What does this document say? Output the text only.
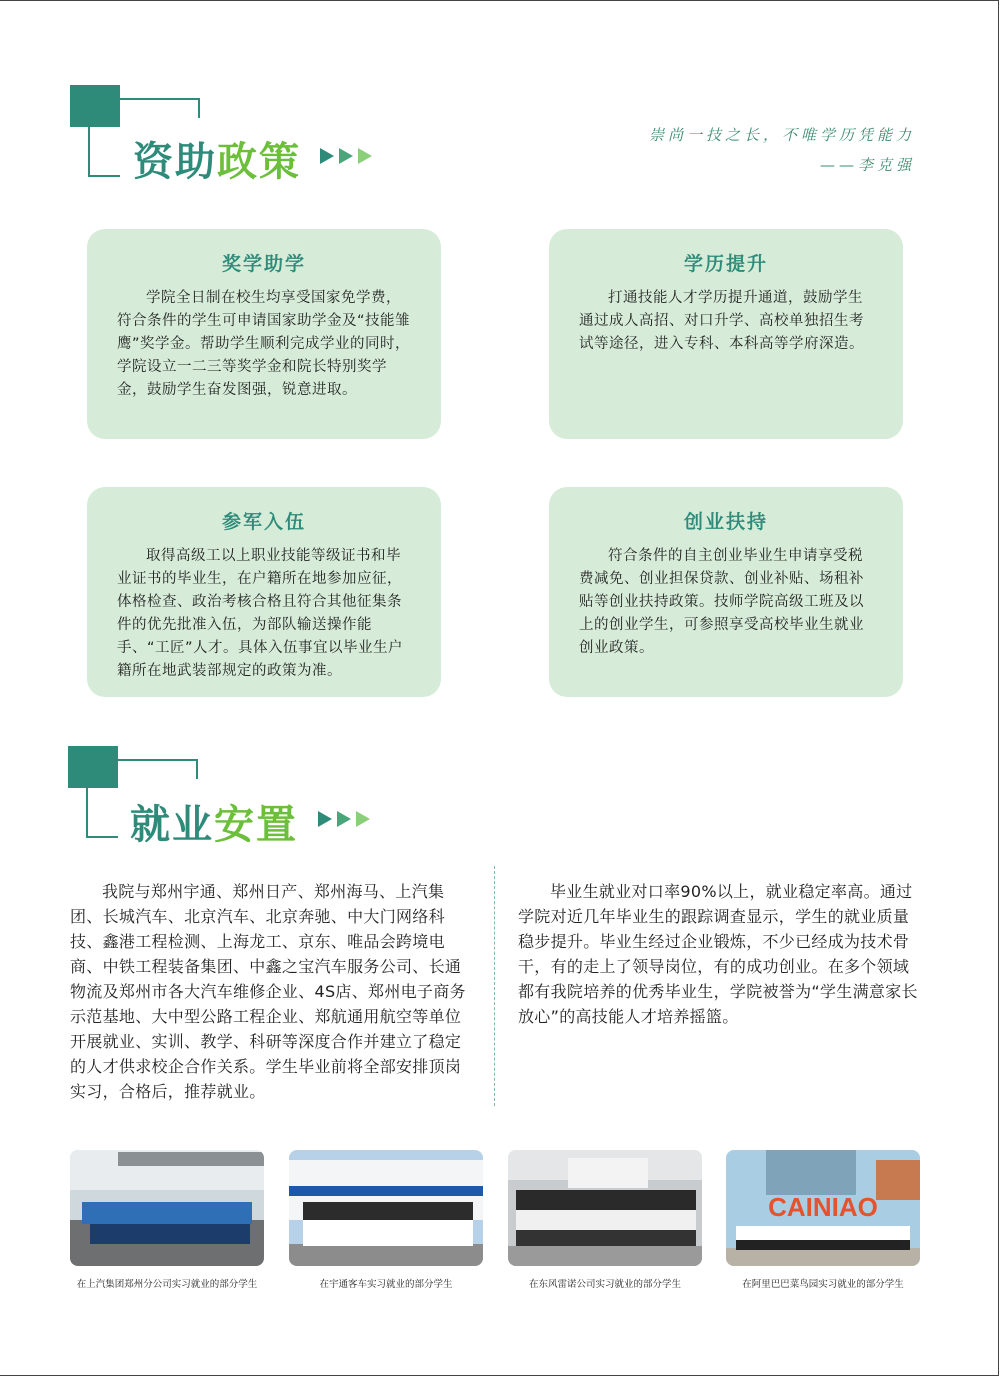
资助政策
崇尚一技之长，不唯学历凭能力
——李克强
奖学助学
学院全日制在校生均享受国家免学费，符合条件的学生可申请国家助学金及“技能雏鹰”奖学金。帮助学生顺利完成学业的同时，学院设立一二三等奖学金和院长特别奖学金，鼓励学生奋发图强，锐意进取。
学历提升
打通技能人才学历提升通道，鼓励学生通过成人高招、对口升学、高校单独招生考试等途径，进入专科、本科高等学府深造。
参军入伍
取得高级工以上职业技能等级证书和毕业证书的毕业生，在户籍所在地参加应征，体格检查、政治考核合格且符合其他征集条件的优先批准入伍，为部队输送操作能手、“工匠”人才。具体入伍事宜以毕业生户籍所在地武装部规定的政策为准。
创业扶持
符合条件的自主创业毕业生申请享受税费减免、创业担保贷款、创业补贴、场租补贴等创业扶持政策。技师学院高级工班及以上的创业学生，可参照享受高校毕业生就业创业政策。
就业安置
我院与郑州宇通、郑州日产、郑州海马、上汽集团、长城汽车、北京汽车、北京奔驰、中大门网络科技、鑫港工程检测、上海龙工、京东、唯品会跨境电商、中铁工程装备集团、中鑫之宝汽车服务公司、长通物流及郑州市各大汽车维修企业、4S店、郑州电子商务示范基地、大中型公路工程企业、郑航通用航空等单位开展就业、实训、教学、科研等深度合作并建立了稳定的人才供求校企合作关系。学生毕业前将全部安排顶岗实习，合格后，推荐就业。
毕业生就业对口率90%以上，就业稳定率高。通过学院对近几年毕业生的跟踪调查显示，学生的就业质量稳步提升。毕业生经过企业锻炼，不少已经成为技术骨干，有的走上了领导岗位，有的成功创业。在多个领域都有我院培养的优秀毕业生，学院被誉为“学生满意家长放心”的高技能人才培养摇篮。
在上汽集团郑州分公司实习就业的部分学生	在宇通客车实习就业的部分学生	在东风雷诺公司实习就业的部分学生
CAINIAO
在阿里巴巴菜鸟园实习就业的部分学生
